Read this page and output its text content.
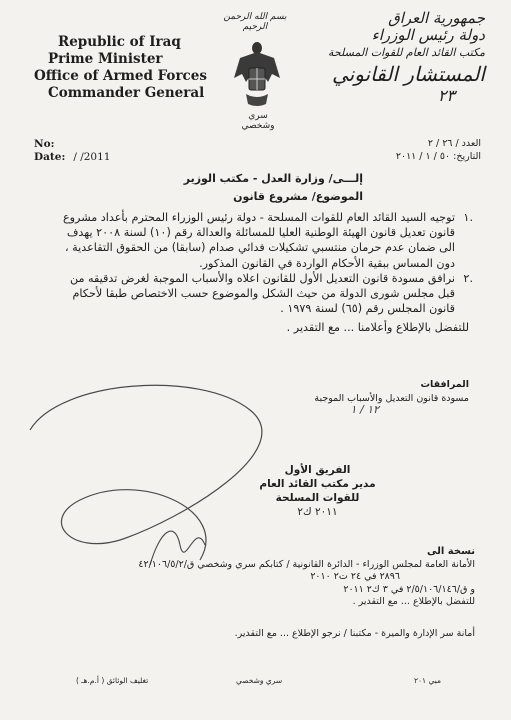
Republic of Iraq
Prime Minister
Office of Armed Forces
Commander General
جمهورية العراق
دولة رئيس الوزراء
مكتب القائد العام للقوات المسلحة
المستشار القانوني
٢٣
بسم الله الرحمن الرحيم
سري وشخصي
No:
Date: / /2011
العدد / ٢٦ / ٢
التاريخ: ٥٠ / ١ / ٢٠١١
إلـــى/ وزارة العدل - مكتب الوزير
الموضوع/ مشروع قانون

.١
توجيه السيد القائد العام للقوات المسلحة - دولة رئيس الوزراء المحترم بأعداد مشروع قانون تعديل قانون الهيئة الوطنية العليا للمسائلة والعدالة رقم (١٠) لسنة ٢٠٠٨ يهدف الى ضمان عدم حرمان منتسبي تشكيلات فدائي صدام (سابقا) من الحقوق التقاعدية ، دون المساس ببقية الأحكام الواردة في القانون المذكور.

.٢
نرافق مسودة قانون التعديل الأول للقانون اعلاه والأسباب الموجبة لغرض تدقيقه من قبل مجلس شورى الدولة من حيث الشكل والموضوع حسب الاختصاص طبقا لأحكام قانون المجلس رقم (٦٥) لسنة ١٩٧٩ .

للتفضل بالإطلاع وأعلامنا ... مع التقدير .

المرافقات
مسودة قانون التعديل والأسباب الموجبة
١٢ / ١
الفريق الأول
مدير مكتب القائد العام
للقوات المسلحة
٢٠١١ ك٢
نسخة الى
الأمانة العامة لمجلس الوزراء - الدائرة القانونية / كتابكم سري وشخصي ق/٤٢/١٠٦/٥/٢
٢٨٩٦ في ٢٤ ت٢ ٢٠١٠
و ق/٢/٥/١٠٦/١٤٦ في ٣ ك٢ ٢٠١١
للتفضل بالإطلاع ... مع التقدير .
أمانة سر الإدارة والميرة - مكتبنا / نرجو الإطلاع ... مع التقدير.
تغليف الوثائق ( أ.م.هـ )	سري وشخصي	مبي ٢٠١
